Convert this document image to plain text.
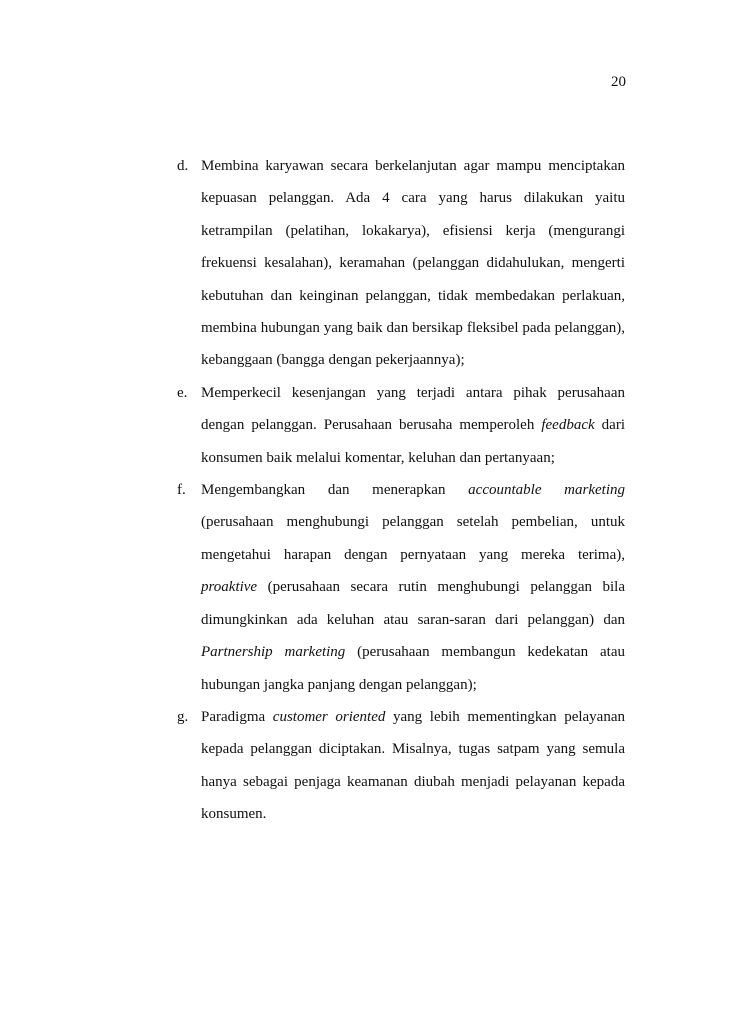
20
d. Membina karyawan secara berkelanjutan agar mampu menciptakan kepuasan pelanggan. Ada 4 cara yang harus dilakukan yaitu ketrampilan (pelatihan, lokakarya), efisiensi kerja (mengurangi frekuensi kesalahan), keramahan (pelanggan didahulukan, mengerti kebutuhan dan keinginan pelanggan, tidak membedakan perlakuan, membina hubungan yang baik dan bersikap fleksibel pada pelanggan), kebanggaan (bangga dengan pekerjaannya);
e. Memperkecil kesenjangan yang terjadi antara pihak perusahaan dengan pelanggan. Perusahaan berusaha memperoleh feedback dari konsumen baik melalui komentar, keluhan dan pertanyaan;
f. Mengembangkan dan menerapkan accountable marketing (perusahaan menghubungi pelanggan setelah pembelian, untuk mengetahui harapan dengan pernyataan yang mereka terima), proaktive (perusahaan secara rutin menghubungi pelanggan bila dimungkinkan ada keluhan atau saran-saran dari pelanggan) dan Partnership marketing (perusahaan membangun kedekatan atau hubungan jangka panjang dengan pelanggan);
g. Paradigma customer oriented yang lebih mementingkan pelayanan kepada pelanggan diciptakan. Misalnya, tugas satpam yang semula hanya sebagai penjaga keamanan diubah menjadi pelayanan kepada konsumen.
